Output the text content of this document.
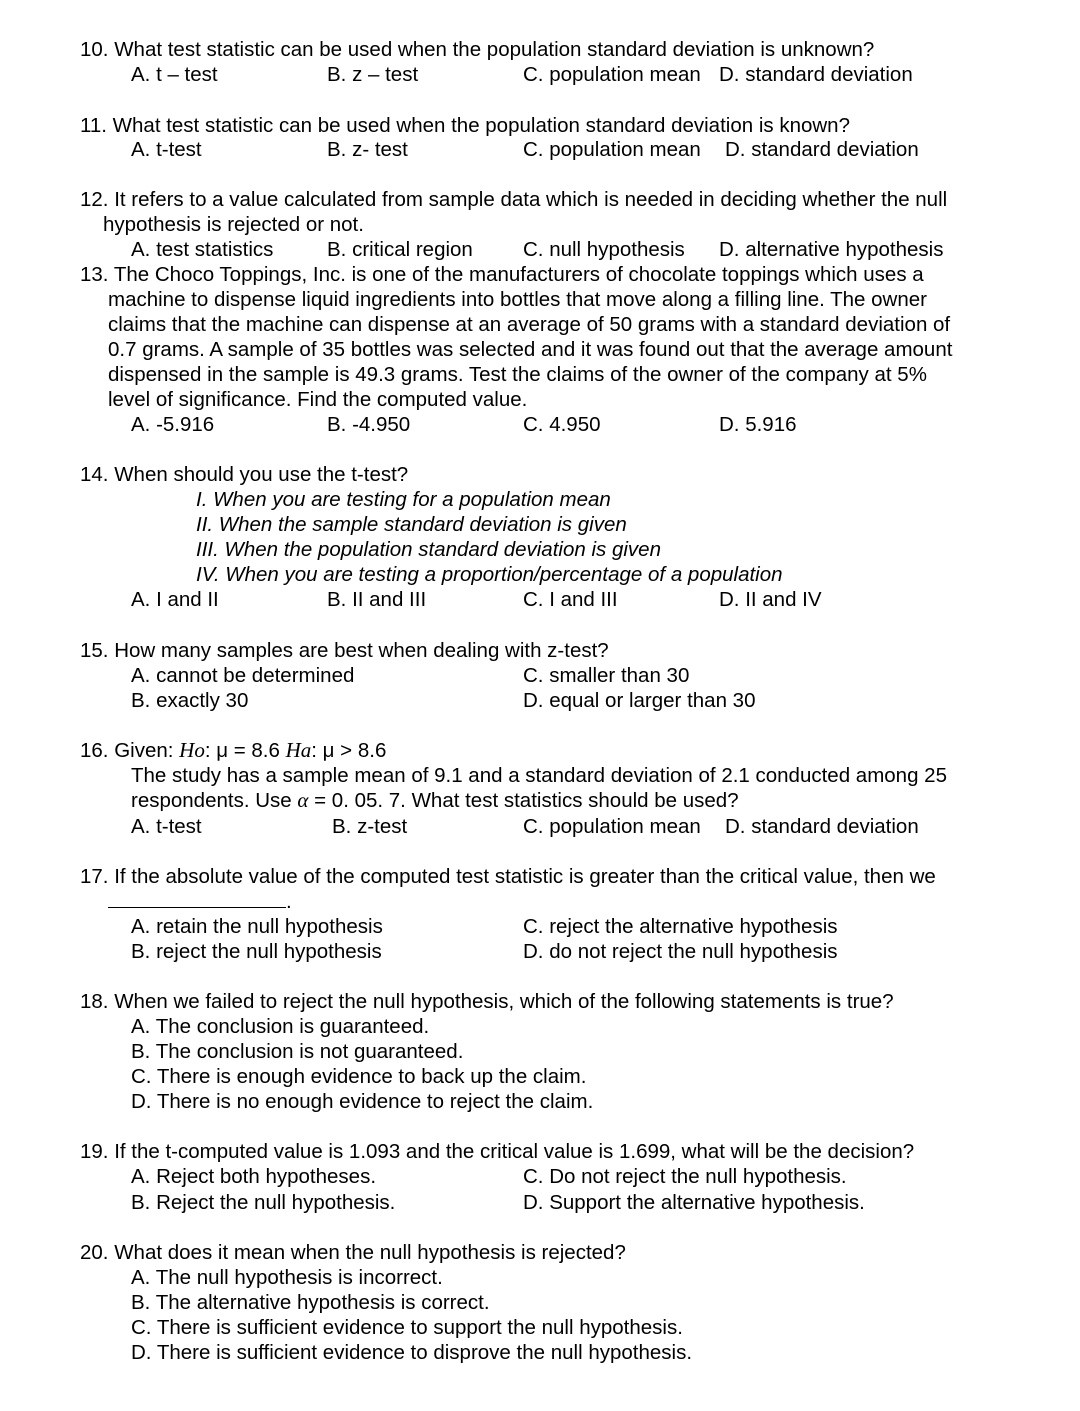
10. What test statistic can be used when the population standard deviation is unknown?
A. t – test	B. z – test	C. population mean D. standard deviation
11. What test statistic can be used when the population standard deviation is known?
A. t-test	B. z- test	C. population mean D. standard deviation
12. It refers to a value calculated from sample data which is needed in deciding whether the null
hypothesis is rejected or not.
A. test statistics	B. critical region C. null hypothesis D. alternative hypothesis
13. The Choco Toppings, Inc. is one of the manufacturers of chocolate toppings which uses a
machine to dispense liquid ingredients into bottles that move along a filling line. The owner
claims that the machine can dispense at an average of 50 grams with a standard deviation of
0.7 grams. A sample of 35 bottles was selected and it was found out that the average amount
dispensed in the sample is 49.3 grams. Test the claims of the owner of the company at 5%
level of significance. Find the computed value.
A. -5.916	B. -4.950	C. 4.950	D. 5.916
14. When should you use the t-test?
I. When you are testing for a population mean
II. When the sample standard deviation is given
III. When the population standard deviation is given
IV. When you are testing a proportion/percentage of a population
A. I and II	B. II and III	C. I and III	D. II and IV
15. How many samples are best when dealing with z-test?
A. cannot be determined	C. smaller than 30
B. exactly 30	D. equal or larger than 30
16. Given: Ho: μ = 8.6 Ha: μ > 8.6
The study has a sample mean of 9.1 and a standard deviation of 2.1 conducted among 25
respondents. Use α = 0. 05. 7. What test statistics should be used?
A. t-test	B. z-test	C. population mean D. standard deviation
17. If the absolute value of the computed test statistic is greater than the critical value, then we
.
A. retain the null hypothesis	C. reject the alternative hypothesis
B. reject the null hypothesis	D. do not reject the null hypothesis
18. When we failed to reject the null hypothesis, which of the following statements is true?
A. The conclusion is guaranteed.
B. The conclusion is not guaranteed.
C. There is enough evidence to back up the claim.
D. There is no enough evidence to reject the claim.
19. If the t-computed value is 1.093 and the critical value is 1.699, what will be the decision?
A. Reject both hypotheses.	C. Do not reject the null hypothesis.
B. Reject the null hypothesis.	D. Support the alternative hypothesis.
20. What does it mean when the null hypothesis is rejected?
A. The null hypothesis is incorrect.
B. The alternative hypothesis is correct.
C. There is sufficient evidence to support the null hypothesis.
D. There is sufficient evidence to disprove the null hypothesis.
